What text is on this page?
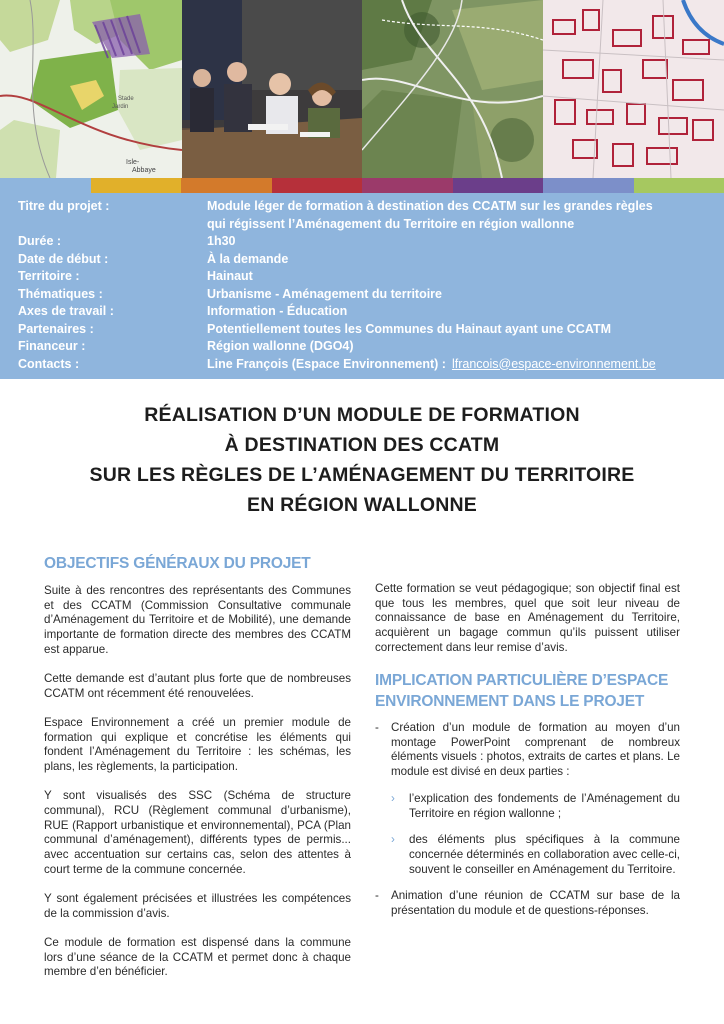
Stade
Jardin
Isle-
Abbaye
Titre du projet :	Module léger de formation à destination des CCATM sur les grandes règles
qui régissent l’Aménagement du Territoire en région wallonne
Durée :	1h30
Date de début :	À la demande
Territoire :	Hainaut
Thématiques :	Urbanisme - Aménagement du territoire
Axes de travail :	Information - Éducation
Partenaires :	Potentiellement toutes les Communes du Hainaut ayant une CCATM
Financeur :	Région wallonne (DGO4)
Contacts :	Line François (Espace Environnement) : lfrancois@espace-environnement.be
RÉALISATION D’UN MODULE DE FORMATION
À DESTINATION DES CCATM
SUR LES RÈGLES DE L’AMÉNAGEMENT DU TERRITOIRE
EN RÉGION WALLONNE
OBJECTIFS GÉNÉRAUX DU PROJET

Suite à des rencontres des représentants des Communes et des CCATM (Commission Consultative communale d’Aménagement du Territoire et de Mobilité), une demande importante de formation directe des membres des CCATM est apparue.

Cette demande est d’autant plus forte que de nombreuses CCATM ont récemment été renouvelées.

Espace Environnement a créé un premier module de formation qui explique et concrétise les éléments qui fondent l’Aménagement du Territoire : les schémas, les plans, les règlements, la participation.

Y sont visualisés des SSC (Schéma de structure communal), RCU (Règlement communal d’urbanisme), RUE (Rapport urbanistique et environnemental), PCA (Plan communal d’aménagement), différents types de permis... avec accentuation sur certains cas, selon des attentes à court terme de la commune concernée.

Y sont également précisées et illustrées les compétences de la commission d’avis.

Ce module de formation est dispensé dans la commune lors d’une séance de la CCATM et permet donc à chaque membre d’en bénéficier.

Cette formation se veut pédagogique; son objectif final est que tous les membres, quel que soit leur niveau de connaissance de base en Aménagement du Territoire, acquièrent un bagage commun qu’ils puissent utiliser correctement dans leur remise d’avis.

IMPLICATION PARTICULIÈRE D’ESPACE
ENVIRONNEMENT DANS LE PROJET
- Création d’un module de formation au moyen d’un montage PowerPoint comprenant de nombreux éléments visuels : photos, extraits de cartes et plans. Le module est divisé en deux parties :
› l’explication des fondements de l’Aménagement du Territoire en région wallonne ;
› des éléments plus spécifiques à la commune concernée déterminés en collaboration avec celle-ci, souvent le conseiller en Aménagement du Territoire.
- Animation d’une réunion de CCATM sur base de la présentation du module et de questions-réponses.
